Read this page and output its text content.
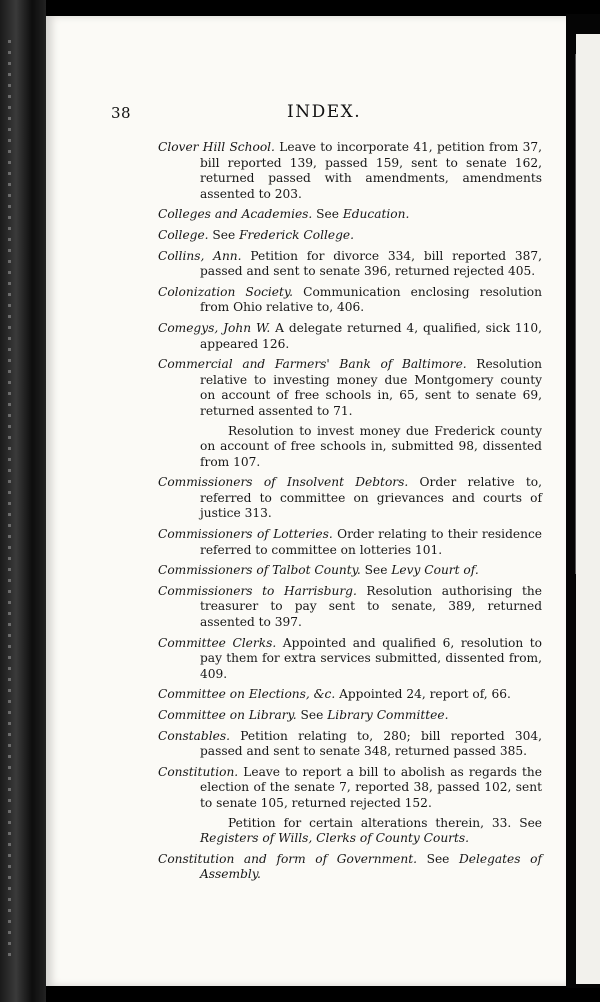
38	INDEX.

Clover Hill School. Leave to incorporate 41, petition from 37, bill reported 139, passed 159, sent to senate 162, returned passed with amendments, amendments assented to 203.

Colleges and Academies. See Education.

College. See Frederick College.

Collins, Ann. Petition for divorce 334, bill reported 387, passed and sent to senate 396, returned rejected 405.

Colonization Society. Communication enclosing resolution from Ohio relative to, 406.

Comegys, John W. A delegate returned 4, qualified, sick 110, appeared 126.

Commercial and Farmers' Bank of Baltimore. Resolution relative to investing money due Montgomery county on account of free schools in, 65, sent to senate 69, returned assented to 71.
Resolution to invest money due Frederick county on account of free schools in, submitted 98, dissented from 107.

Commissioners of Insolvent Debtors. Order relative to, referred to committee on grievances and courts of justice 313.

Commissioners of Lotteries. Order relating to their residence referred to committee on lotteries 101.

Commissioners of Talbot County. See Levy Court of.

Commissioners to Harrisburg. Resolution authorising the treasurer to pay sent to senate, 389, returned assented to 397.

Committee Clerks. Appointed and qualified 6, resolution to pay them for extra services submitted, dissented from, 409.

Committee on Elections, &c. Appointed 24, report of, 66.

Committee on Library. See Library Committee.

Constables. Petition relating to, 280; bill reported 304, passed and sent to senate 348, returned passed 385.

Constitution. Leave to report a bill to abolish as regards the election of the senate 7, reported 38, passed 102, sent to senate 105, returned rejected 152.
Petition for certain alterations therein, 33. See Registers of Wills, Clerks of County Courts.

Constitution and form of Government. See Delegates of Assembly.
